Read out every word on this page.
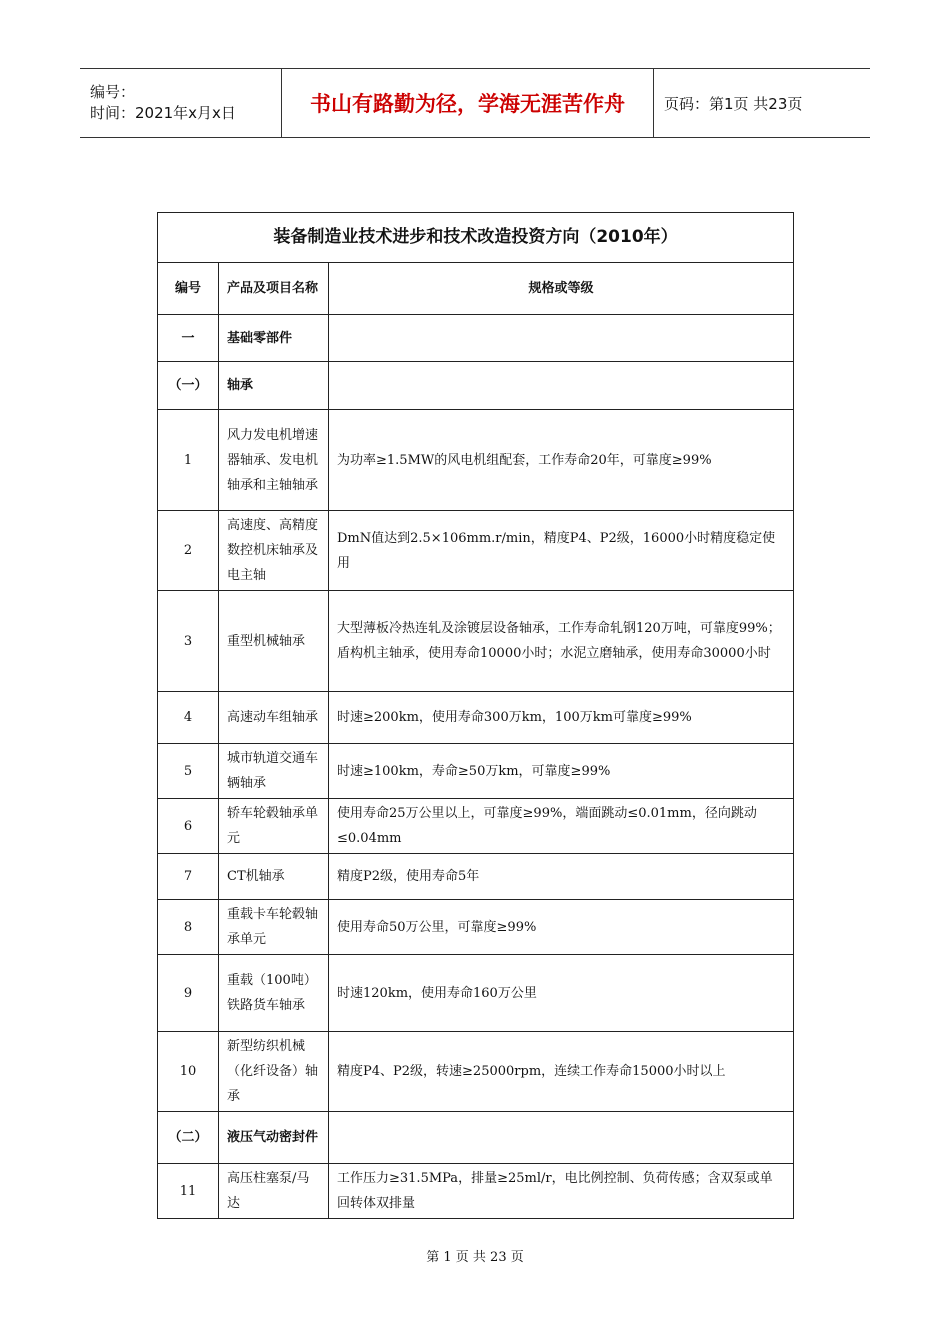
编号：
时间：2021年x月x日	书山有路勤为径，学海无涯苦作舟	页码：第1页 共23页
装备制造业技术进步和技术改造投资方向（2010年）		
编号	产品及项目名称	规格或等级
一	基础零部件	
（一）	轴承	
1	风力发电机增速器轴承、发电机轴承和主轴轴承	为功率≥1.5MW的风电机组配套，工作寿命20年，可靠度≥99%
2	高速度、高精度数控机床轴承及电主轴	DmN值达到2.5×106mm.r/min，精度P4、P2级，16000小时精度稳定使用
3	重型机械轴承	大型薄板冷热连轧及涂镀层设备轴承，工作寿命轧钢120万吨，可靠度99%；
盾构机主轴承，使用寿命10000小时；水泥立磨轴承，使用寿命30000小时
4	高速动车组轴承	时速≥200km，使用寿命300万km，100万km可靠度≥99%
5	城市轨道交通车辆轴承	时速≥100km，寿命≥50万km，可靠度≥99%
6	轿车轮毂轴承单元	使用寿命25万公里以上，可靠度≥99%，端面跳动≤0.01mm，径向跳动≤0.04mm
7	CT机轴承	精度P2级，使用寿命5年
8	重载卡车轮毂轴承单元	使用寿命50万公里，可靠度≥99%
9	重载（100吨）铁路货车轴承	时速120km，使用寿命160万公里
10	新型纺织机械（化纤设备）轴承	精度P4、P2级，转速≥25000rpm，连续工作寿命15000小时以上
（二）	液压气动密封件	
11	高压柱塞泵/马达	工作压力≥31.5MPa，排量≥25ml/r，电比例控制、负荷传感；含双泵或单回转体双排量
第 1 页 共 23 页
